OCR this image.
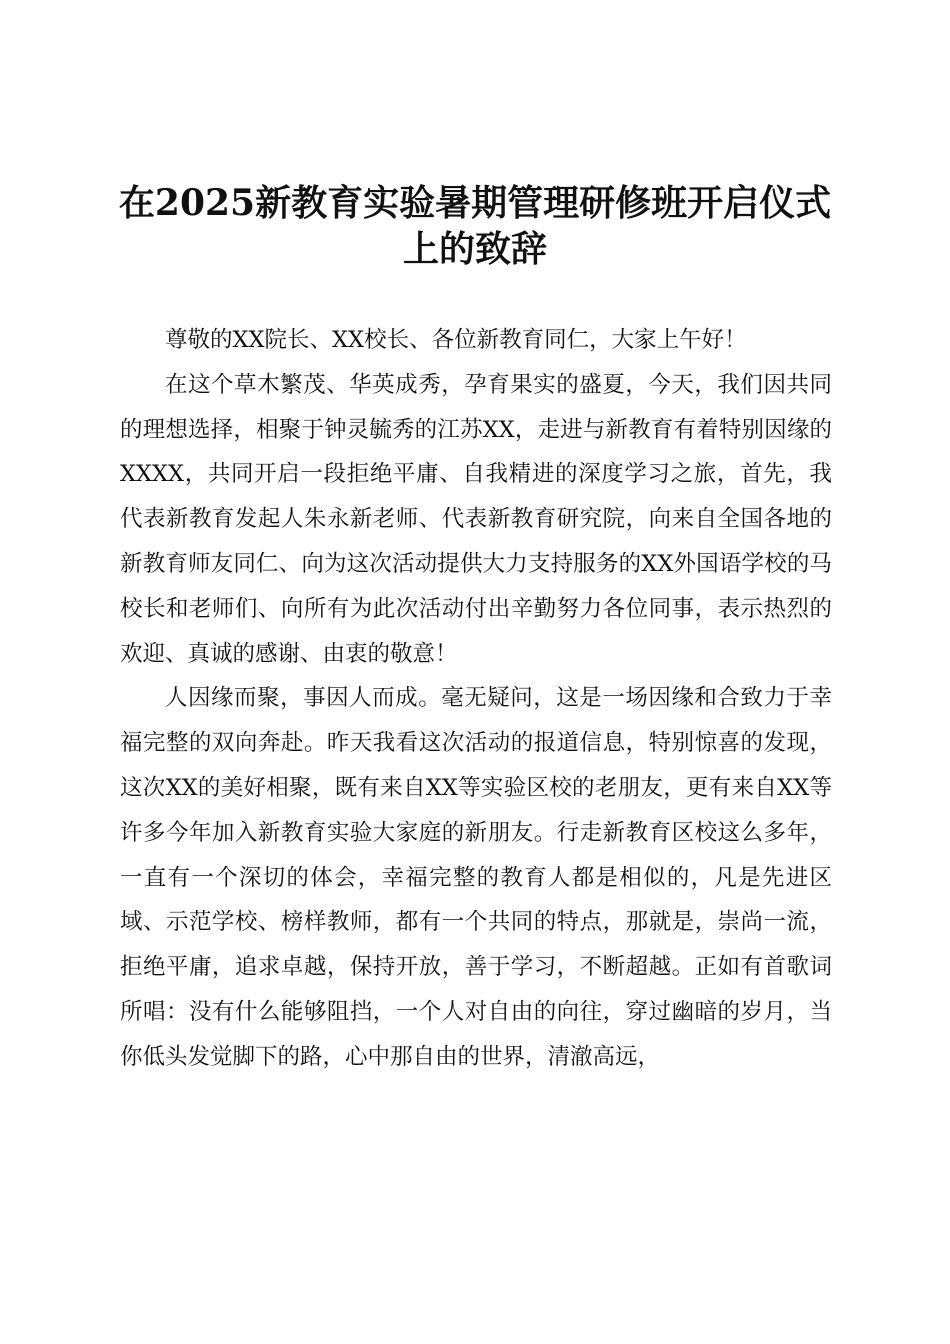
在2025新教育实验暑期管理研修班开启仪式
上的致辞

尊敬的XX院长、XX校长、各位新教育同仁，大家上午好！

在这个草木繁茂、华英成秀，孕育果实的盛夏，今天，我们因共同的理想选择，相聚于钟灵毓秀的江苏XX，走进与新教育有着特别因缘的XXXX，共同开启一段拒绝平庸、自我精进的深度学习之旅，首先，我代表新教育发起人朱永新老师、代表新教育研究院，向来自全国各地的新教育师友同仁、向为这次活动提供大力支持服务的XX外国语学校的马校长和老师们、向所有为此次活动付出辛勤努力各位同事，表示热烈的欢迎、真诚的感谢、由衷的敬意！

人因缘而聚，事因人而成。毫无疑问，这是一场因缘和合致力于幸福完整的双向奔赴。昨天我看这次活动的报道信息，特别惊喜的发现，这次XX的美好相聚，既有来自XX等实验区校的老朋友，更有来自XX等许多今年加入新教育实验大家庭的新朋友。行走新教育区校这么多年，一直有一个深切的体会，幸福完整的教育人都是相似的，凡是先进区域、示范学校、榜样教师，都有一个共同的特点，那就是，崇尚一流，拒绝平庸，追求卓越，保持开放，善于学习，不断超越。正如有首歌词所唱：没有什么能够阻挡，一个人对自由的向往，穿过幽暗的岁月，当你低头发觉脚下的路，心中那自由的世界，清澈高远，
